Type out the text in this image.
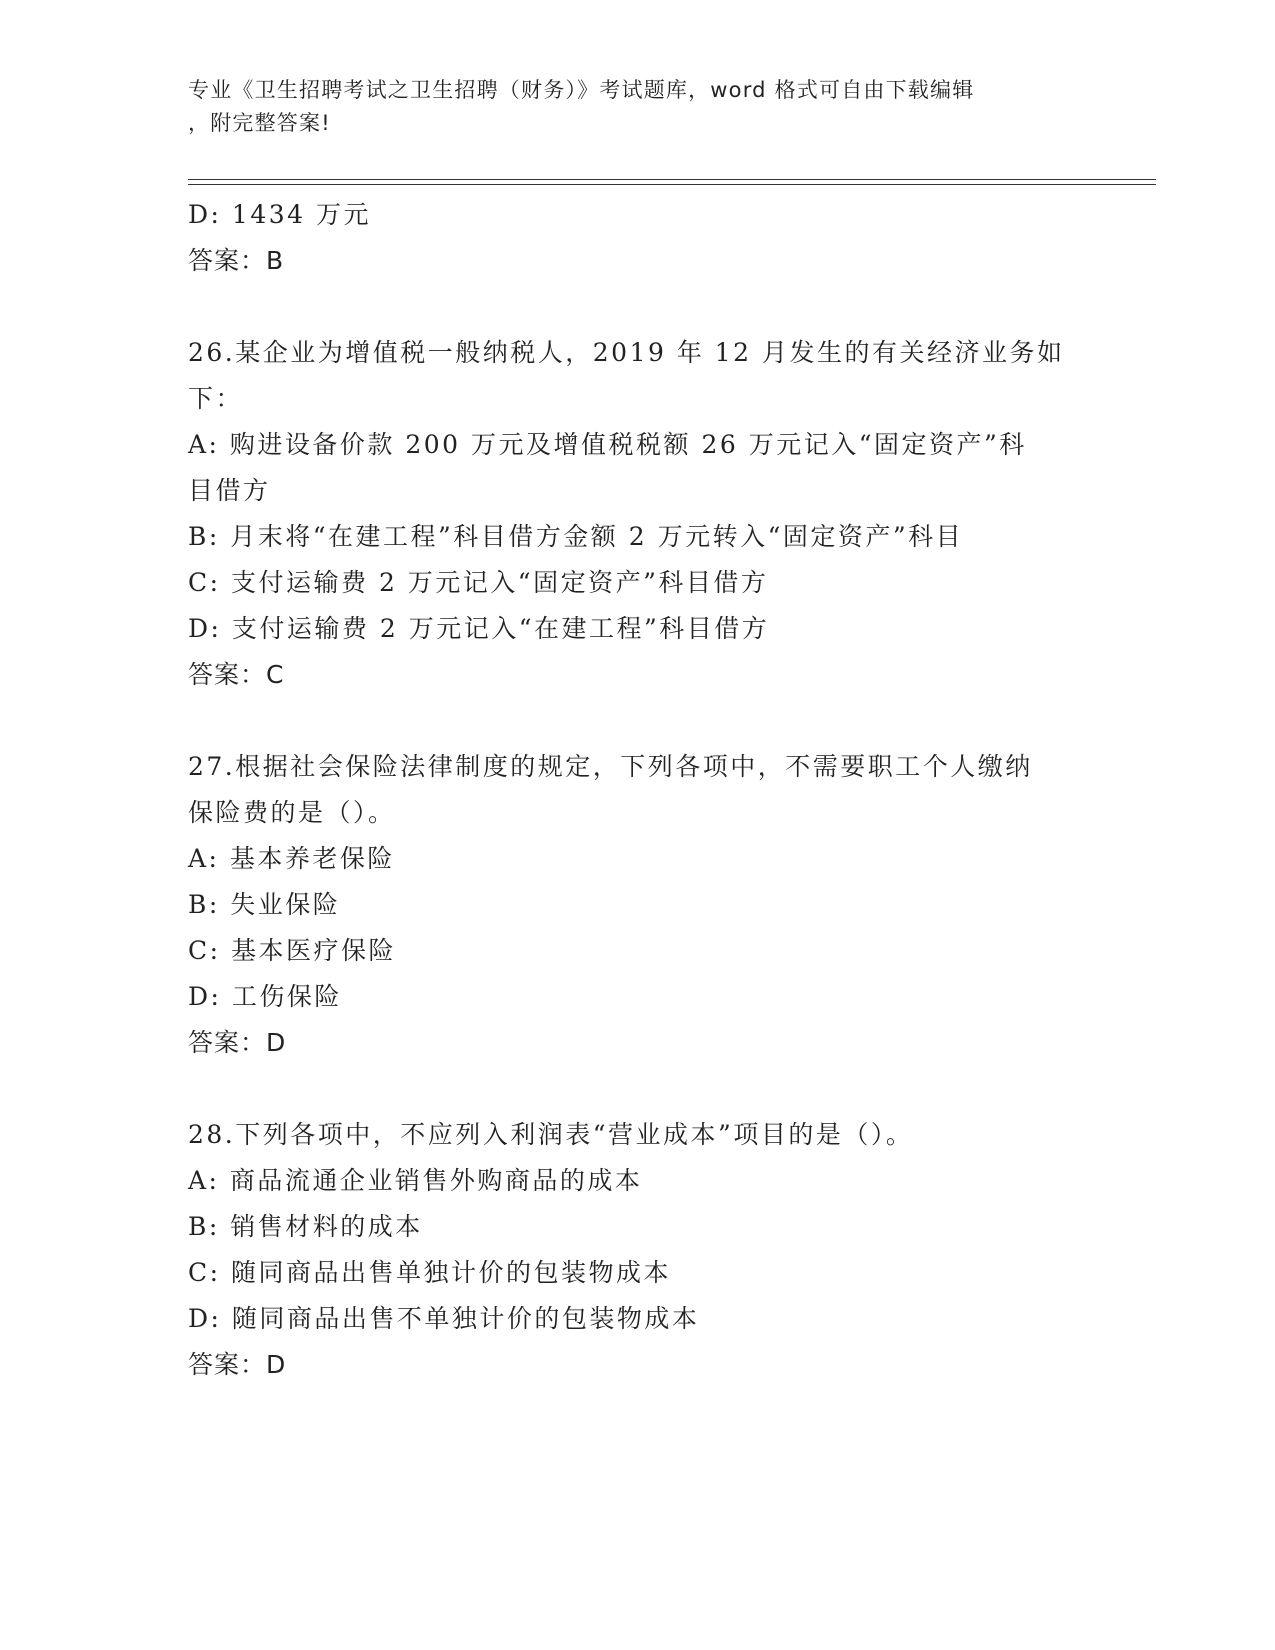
专业《卫生招聘考试之卫生招聘（财务）》考试题库，word 格式可自由下载编辑
，附完整答案!
D: 1434 万元
答案：B
26.某企业为增值税一般纳税人，2019 年 12 月发生的有关经济业务如
下：
A: 购进设备价款 200 万元及增值税税额 26 万元记入“固定资产”科
目借方
B: 月末将“在建工程”科目借方金额 2 万元转入“固定资产”科目
C: 支付运输费 2 万元记入“固定资产”科目借方
D: 支付运输费 2 万元记入“在建工程”科目借方
答案：C
27.根据社会保险法律制度的规定，下列各项中，不需要职工个人缴纳
保险费的是（）。
A: 基本养老保险
B: 失业保险
C: 基本医疗保险
D: 工伤保险
答案：D
28.下列各项中，不应列入利润表“营业成本”项目的是（）。
A: 商品流通企业销售外购商品的成本
B: 销售材料的成本
C: 随同商品出售单独计价的包装物成本
D: 随同商品出售不单独计价的包装物成本
答案：D
